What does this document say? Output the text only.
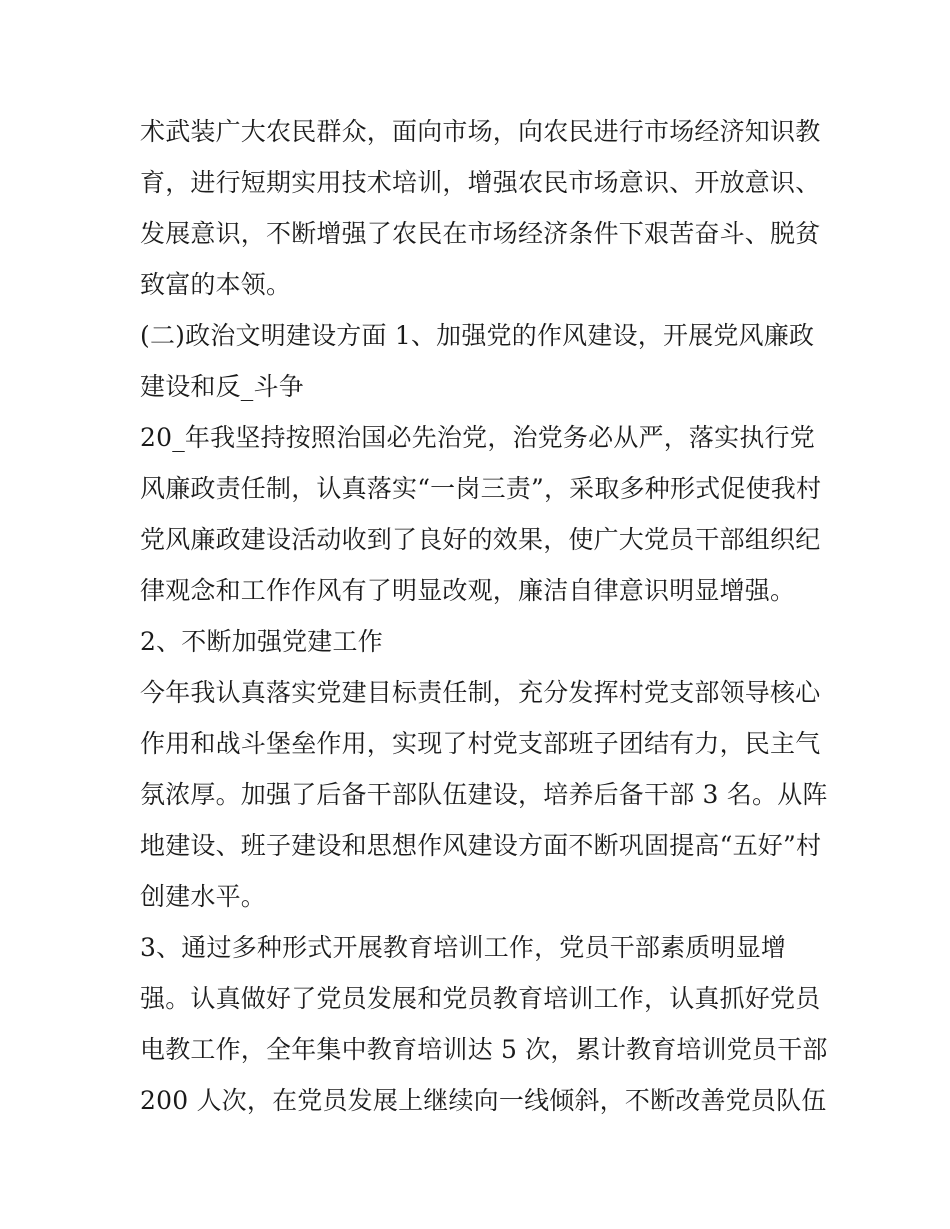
术武装广大农民群众，面向市场，向农民进行市场经济知识教
育，进行短期实用技术培训，增强农民市场意识、开放意识、
发展意识，不断增强了农民在市场经济条件下艰苦奋斗、脱贫
致富的本领。
(二)政治文明建设方面 1、加强党的作风建设，开展党风廉政
建设和反_斗争
20_年我坚持按照治国必先治党，治党务必从严，落实执行党
风廉政责任制，认真落实“一岗三责”，采取多种形式促使我村
党风廉政建设活动收到了良好的效果，使广大党员干部组织纪
律观念和工作作风有了明显改观，廉洁自律意识明显增强。
2、不断加强党建工作
今年我认真落实党建目标责任制，充分发挥村党支部领导核心
作用和战斗堡垒作用，实现了村党支部班子团结有力，民主气
氛浓厚。加强了后备干部队伍建设，培养后备干部 3 名。从阵
地建设、班子建设和思想作风建设方面不断巩固提高“五好”村
创建水平。
3、通过多种形式开展教育培训工作，党员干部素质明显增
强。认真做好了党员发展和党员教育培训工作，认真抓好党员
电教工作，全年集中教育培训达 5 次，累计教育培训党员干部
200 人次，在党员发展上继续向一线倾斜，不断改善党员队伍
